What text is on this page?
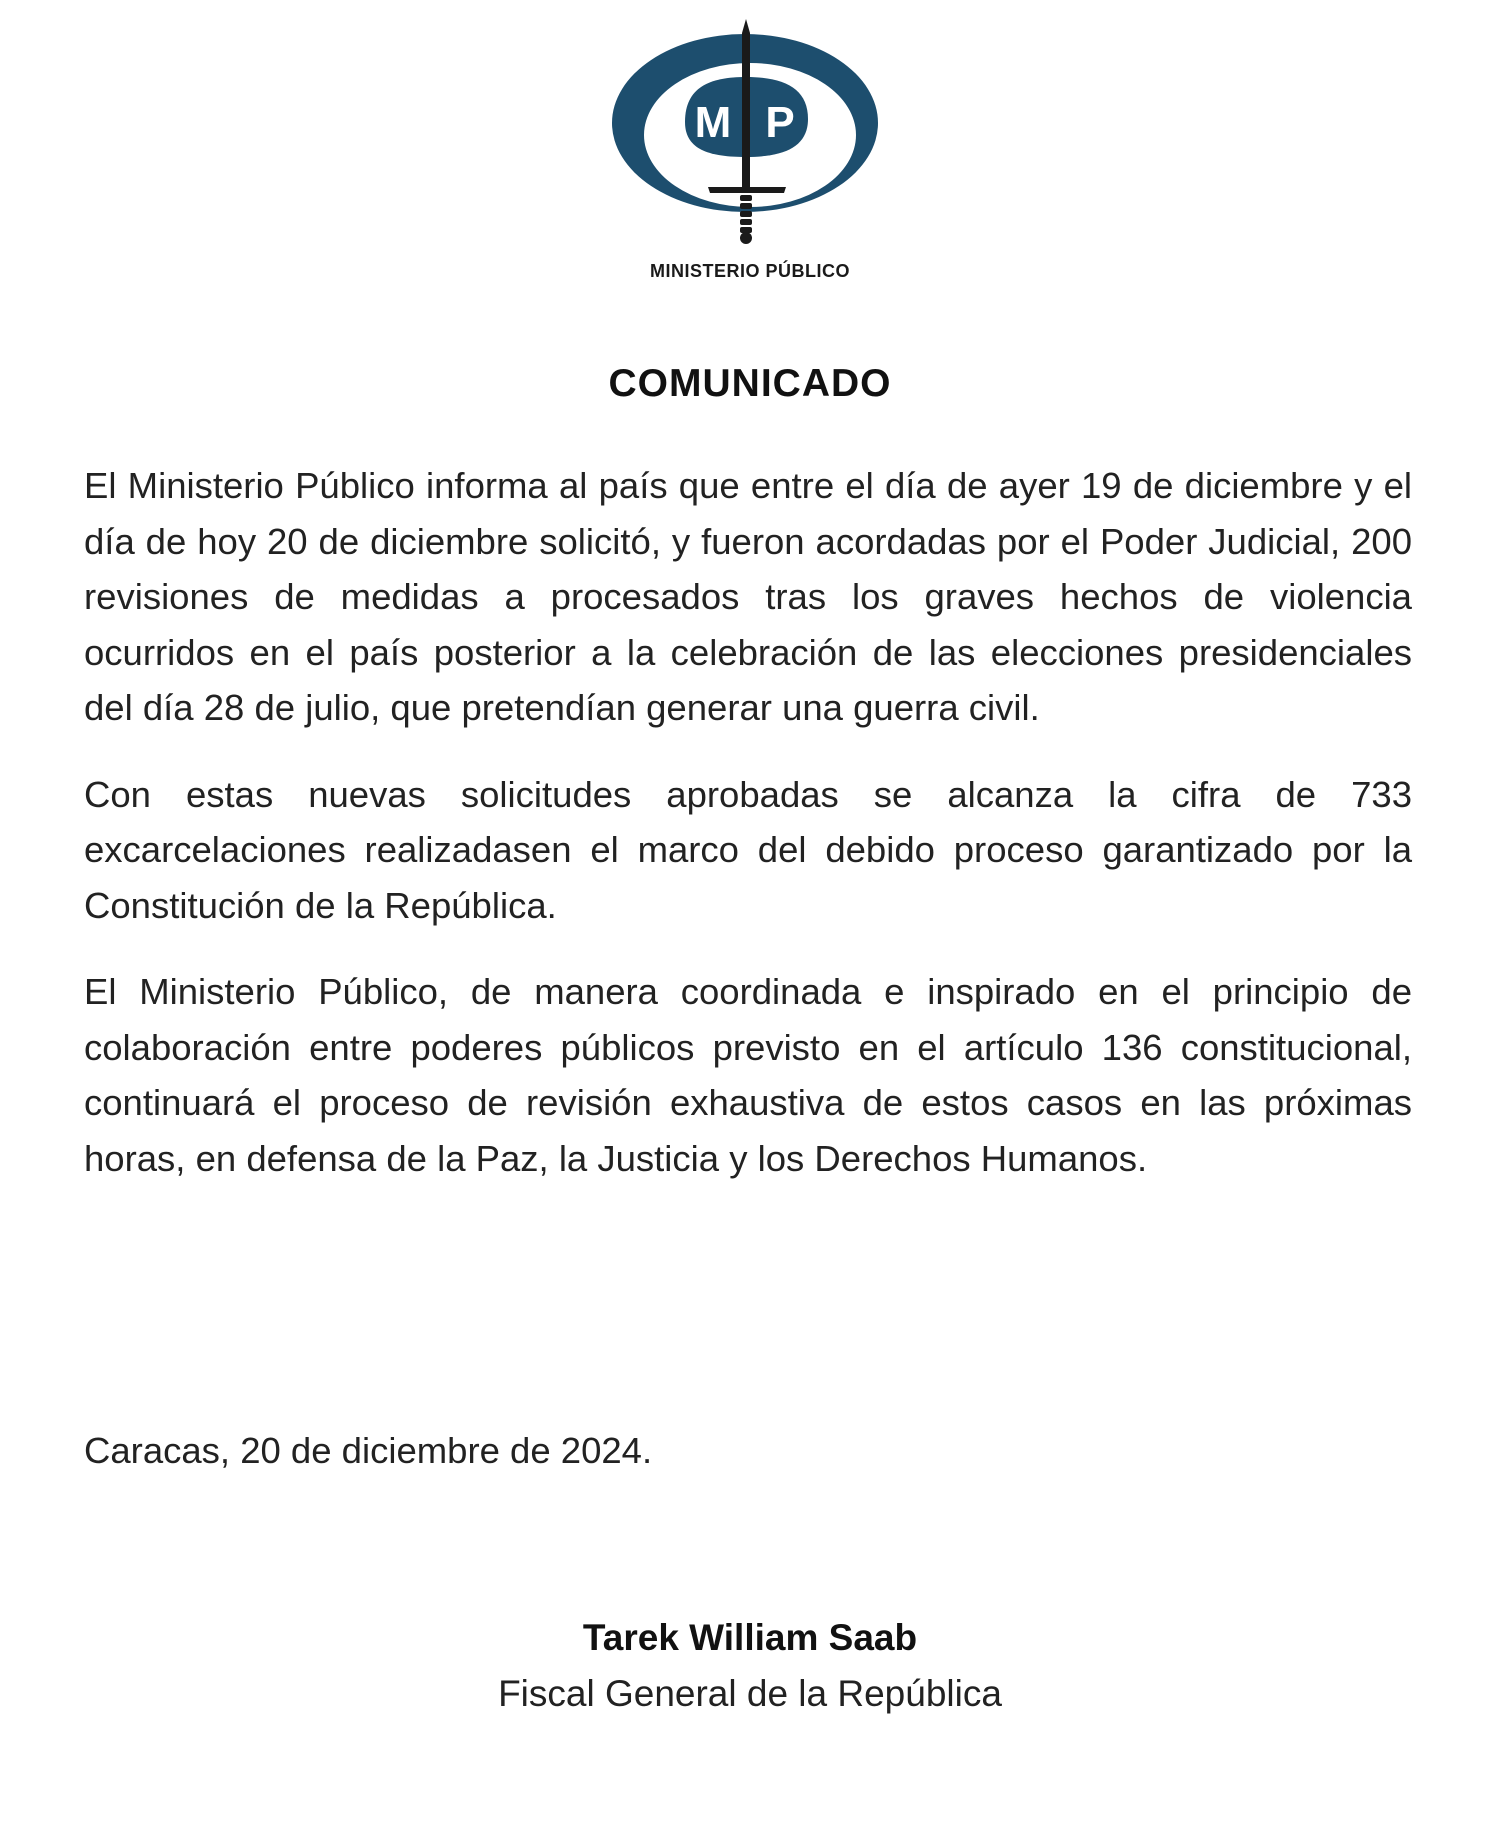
M P
MINISTERIO PÚBLICO
COMUNICADO

El Ministerio Público informa al país que entre el día de ayer 19 de diciembre y el día de hoy 20 de diciembre solicitó, y fueron acordadas por el Poder Judicial, 200 revisiones de medidas a procesados tras los graves hechos de violencia ocurridos en el país posterior a la celebración de las elecciones presidenciales del día 28 de julio, que pretendían generar una guerra civil.

Con estas nuevas solicitudes aprobadas se alcanza la cifra de 733 excarcelaciones realizadasen el marco del debido proceso garantizado por la Constitución de la República.

El Ministerio Público, de manera coordinada e inspirado en el principio de colaboración entre poderes públicos previsto en el artículo 136 constitucional, continuará el proceso de revisión exhaustiva de estos casos en las próximas horas, en defensa de la Paz, la Justicia y los Derechos Humanos.

Caracas, 20 de diciembre de 2024.
Tarek William Saab
Fiscal General de la República
